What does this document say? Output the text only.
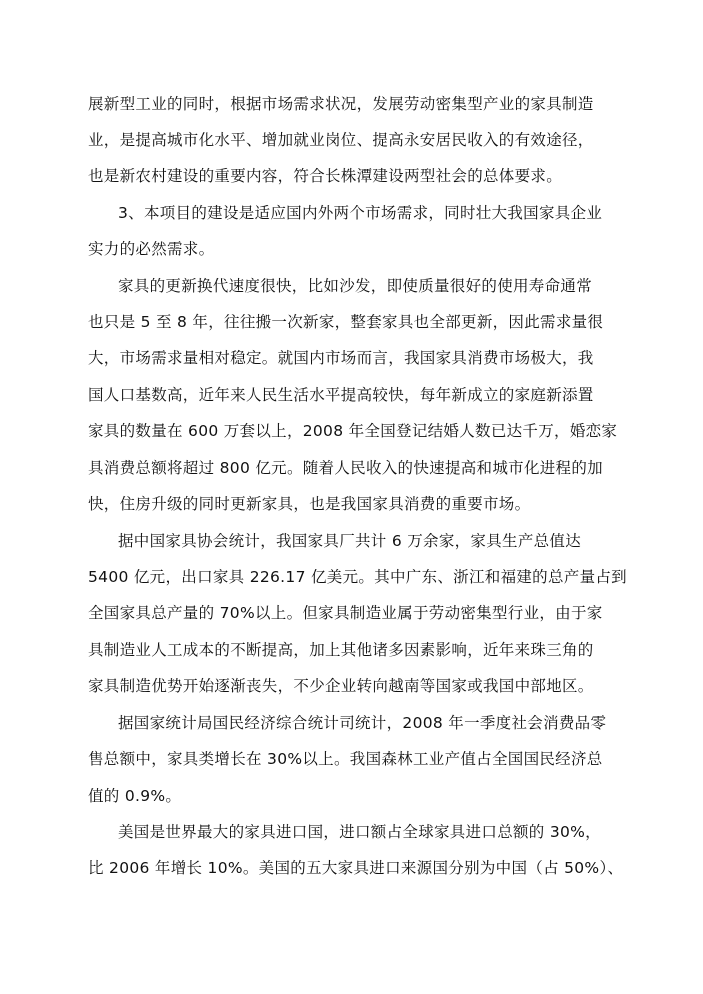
展新型工业的同时，根据市场需求状况，发展劳动密集型产业的家具制造
业，是提高城市化水平、增加就业岗位、提高永安居民收入的有效途径，
也是新农村建设的重要内容，符合长株潭建设两型社会的总体要求。
3、本项目的建设是适应国内外两个市场需求，同时壮大我国家具企业
实力的必然需求。
家具的更新换代速度很快，比如沙发，即使质量很好的使用寿命通常
也只是 5 至 8 年，往往搬一次新家，整套家具也全部更新，因此需求量很
大，市场需求量相对稳定。就国内市场而言，我国家具消费市场极大，我
国人口基数高，近年来人民生活水平提高较快，每年新成立的家庭新添置
家具的数量在 600 万套以上，2008 年全国登记结婚人数已达千万，婚恋家
具消费总额将超过 800 亿元。随着人民收入的快速提高和城市化进程的加
快，住房升级的同时更新家具，也是我国家具消费的重要市场。
据中国家具协会统计，我国家具厂共计 6 万余家，家具生产总值达
5400 亿元，出口家具 226.17 亿美元。其中广东、浙江和福建的总产量占到
全国家具总产量的 70%以上。但家具制造业属于劳动密集型行业，由于家
具制造业人工成本的不断提高，加上其他诸多因素影响，近年来珠三角的
家具制造优势开始逐渐丧失，不少企业转向越南等国家或我国中部地区。
据国家统计局国民经济综合统计司统计，2008 年一季度社会消费品零
售总额中，家具类增长在 30%以上。我国森林工业产值占全国国民经济总
值的 0.9%。
美国是世界最大的家具进口国，进口额占全球家具进口总额的 30%，
比 2006 年增长 10%。美国的五大家具进口来源国分别为中国（占 50%）、
